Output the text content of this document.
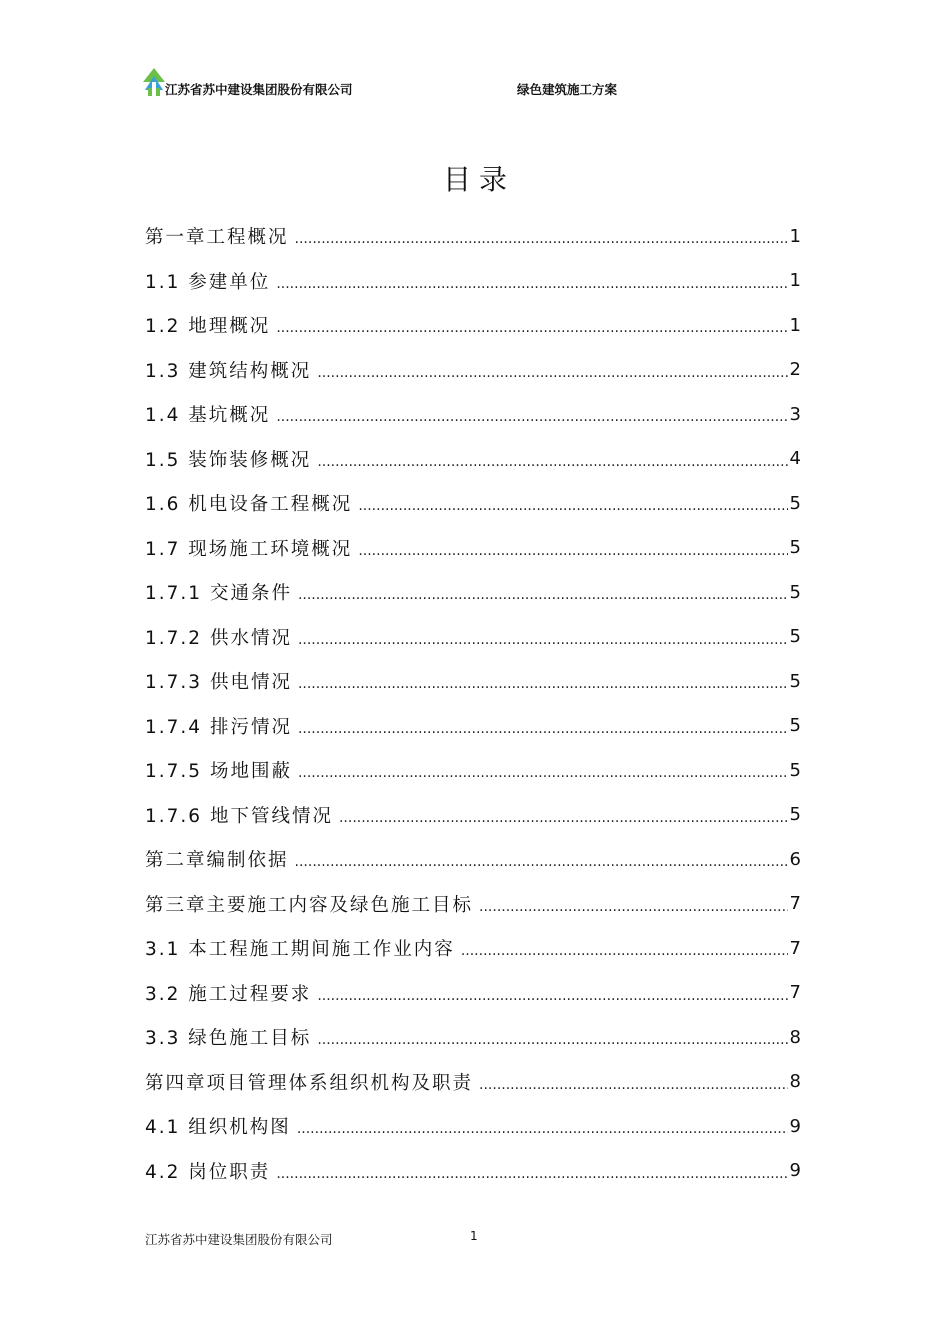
江苏省苏中建设集团股份有限公司	绿色建筑施工方案
目录
第一章工程概况 .....	1
1.1 参建单位 .....	1
1.2 地理概况 .....	1
1.3 建筑结构概况 .....	2
1.4 基坑概况 .....	3
1.5 装饰装修概况 .....	4
1.6 机电设备工程概况 .....	5
1.7 现场施工环境概况 .....	5
1.7.1 交通条件 .....	5
1.7.2 供水情况 .....	5
1.7.3 供电情况 .....	5
1.7.4 排污情况 .....	5
1.7.5 场地围蔽 .....	5
1.7.6 地下管线情况 .....	5
第二章编制依据 .....	6
第三章主要施工内容及绿色施工目标 .....	7
3.1 本工程施工期间施工作业内容 .....	7
3.2 施工过程要求 .....	7
3.3 绿色施工目标 .....	8
第四章项目管理体系组织机构及职责 .....	8
4.1 组织机构图 .....	9
4.2 岗位职责 .....	9
江苏省苏中建设集团股份有限公司	1
